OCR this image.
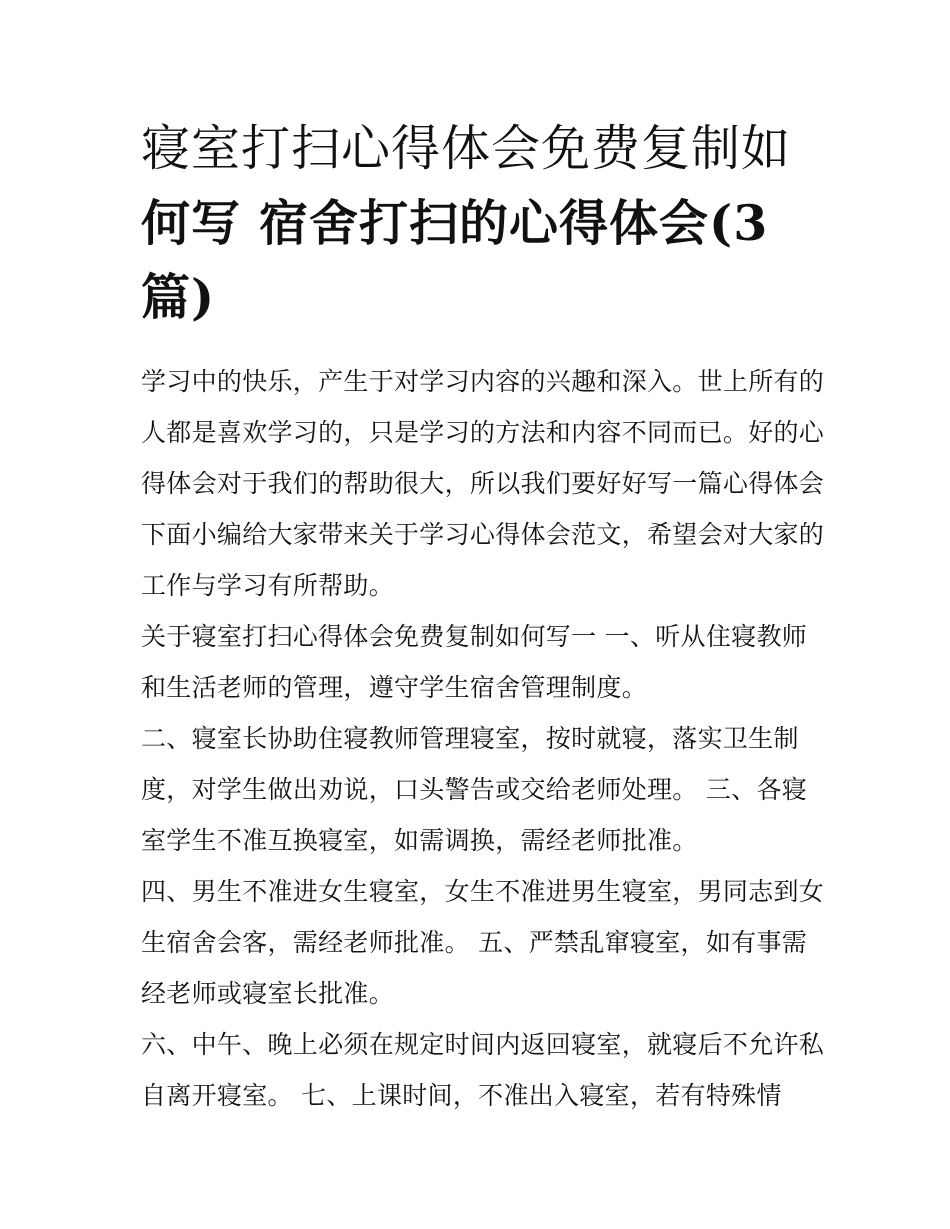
寝室打扫心得体会免费复制如
何写 宿舍打扫的心得体会(3
篇)

学习中的快乐，产生于对学习内容的兴趣和深入。世上所有的
人都是喜欢学习的，只是学习的方法和内容不同而已。好的心
得体会对于我们的帮助很大，所以我们要好好写一篇心得体会
下面小编给大家带来关于学习心得体会范文，希望会对大家的
工作与学习有所帮助。

关于寝室打扫心得体会免费复制如何写一 一、听从住寝教师
和生活老师的管理，遵守学生宿舍管理制度。

二、寝室长协助住寝教师管理寝室，按时就寝，落实卫生制
度，对学生做出劝说，口头警告或交给老师处理。 三、各寝
室学生不准互换寝室，如需调换，需经老师批准。

四、男生不准进女生寝室，女生不准进男生寝室，男同志到女
生宿舍会客，需经老师批准。 五、严禁乱窜寝室，如有事需
经老师或寝室长批准。

六、中午、晚上必须在规定时间内返回寝室，就寝后不允许私
自离开寝室。 七、上课时间，不准出入寝室，若有特殊情
